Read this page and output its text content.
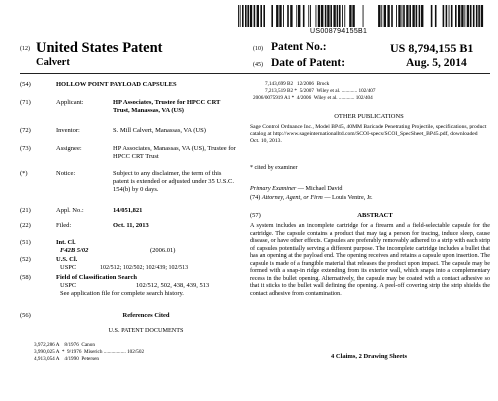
US008794155B1
(12) United States Patent
Calvert
(10) Patent No.:	US 8,794,155 B1
(45) Date of Patent:	Aug. 5, 2014
(54)	HOLLOW POINT PAYLOAD CAPSULES
(71)	Applicant:	HP Associates, Trustee for HPCC CRT Trust, Manassas, VA (US)
(72)	Inventor:	S. Mill Calvert, Manassas, VA (US)
(73)	Assignee:	HP Associates, Manassas, VA (US), Trustee for HPCC CRT Trust
(*)	Notice:	Subject to any disclaimer, the term of this patent is extended or adjusted under 35 U.S.C. 154(b) by 0 days.
(21)	Appl. No.:	14/051,821
(22)	Filed:	Oct. 11, 2013
(51)	Int. Cl.
F42B 5/02	(2006.01)
(52)	U.S. Cl.
USPC	102/512; 102/502; 102/439; 102/513
(58)	Field of Classification Search
USPC	102/512, 502, 438, 439, 513
See application file for complete search history.
(56)	References Cited
U.S. PATENT DOCUMENTS
3,972,286 A    8/1976  Canon
3,990,025 A  *  9/1976  Miserich ................. 102/502
4,913,054 A    4/1990  Petersen
7,143,699 B2   12/2006  Brock
7,213,519 B2 *  5/2007  Wiley et al. ............ 102/407
2006/0075919 A1 *  4/2006  Wiley et al. ............ 102/404
OTHER PUBLICATIONS
Sage Control Ordnance Inc., Model BP45, 40MM Baricade Penetrating Projectile, specifications, product catalog at http://www.sageinternationalltd.com/SCOI-specs/SCOI_SpecSheet_BP45.pdf, downloaded Oct. 10, 2013.
* cited by examiner
Primary Examiner — Michael David
(74) Attorney, Agent, or Firm — Louis Ventre, Jr.
(57)	ABSTRACT
A system includes an incomplete cartridge for a firearm and a field-selectable capsule for the cartridge. The capsule contains a product that may tag a person for tracing, induce sleep, cause disease, or have other effects. Capsules are preferably removably adhered to a strip with each strip of capsules potentially serving a different purpose. The incomplete cartridge includes a bullet that has an opening at the payload end. The opening receives and retains a capsule upon insertion. The capsule is made of a frangible material that releases the product upon impact. The capsule may be formed with a snap-in ridge extending from its exterior wall, which snaps into a complementary recess in the bullet opening. Alternatively, the capsule may be coated with a contact adhesive so that it sticks to the bullet wall defining the opening. A peel-off covering strip the strip shields the contact adhesive from contamination.
4 Claims, 2 Drawing Sheets
